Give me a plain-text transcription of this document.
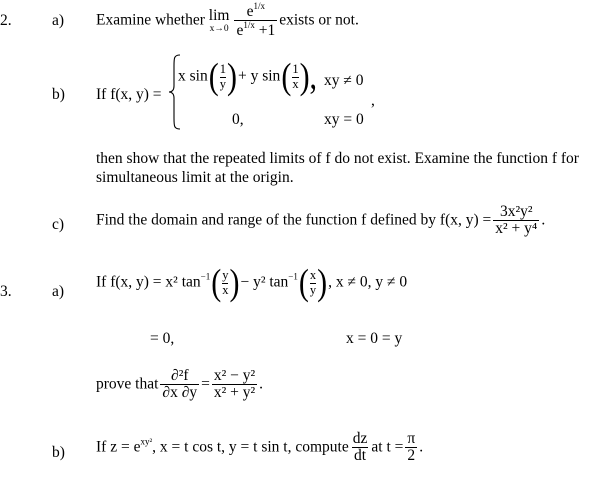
2.	a) Examine whether lim
$x\to 0 \frac{e^{1/x}}{e^{1/x} +1}$ exists or not.
b) If f(x, y) =
x $\sin( \frac{1}{y}$ )+ y $\sin( \frac{1}{x}$ ), xy ≠ 0
,
0,	xy = 0
then show that the repeated limits of f do not exist. Examine the function f for
simultaneous limit at the origin.
c) Find the domain and range of the function f defined by f(x, $y) = \frac{\text{3x²y²}}{\text{x² + y⁴}}$ .
3.	a)
If f(x, y) = x² $\tan^{-1}( \frac{y}{x}$ )− y² $\tan^{-1}( \frac{x}{y}$ ), x ≠ 0, y ≠ 0
= 0,	x = 0 = y
prove that $\frac{\text{∂²f}}{\partial x \partial y} = \frac{\text{x² − y²}}{\text{x² + y²}}$ .
b) If $z = e^{xy^2}$, x = t cos t, y = t sin t, compute $\frac{dz}{dt}$ at $t = \frac{\pi}{2}$ .
